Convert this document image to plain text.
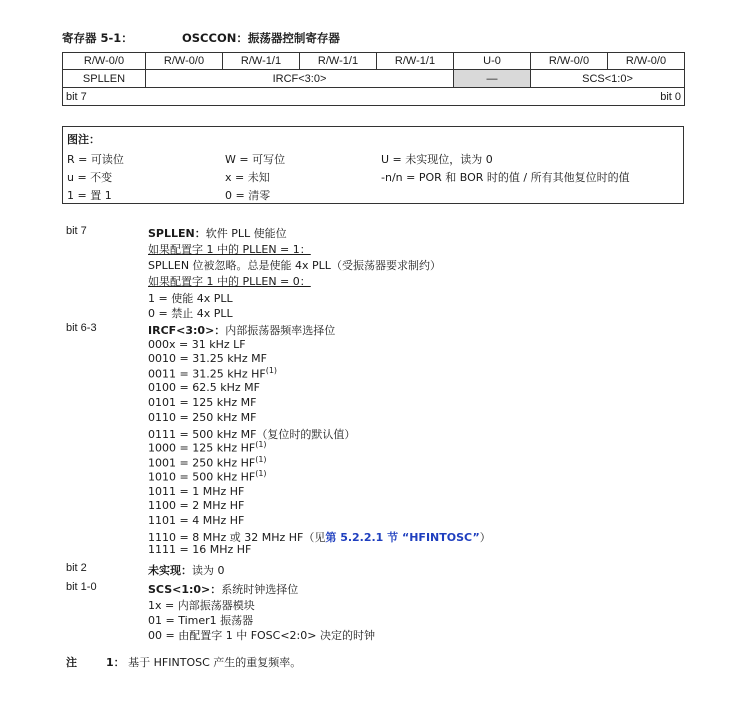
寄存器 5-1：	OSCCON：振荡器控制寄存器
R/W-0/0	R/W-0/0	R/W-1/1	R/W-1/1	R/W-1/1	U-0	R/W-0/0	R/W-0/0
SPLLEN	IRCF<3:0>				—	SCS<1:0>	
bit 7 bit 0							
图注：
R = 可读位	W = 可写位	U = 未实现位，读为 0
u = 不变	x = 未知	-n/n = POR 和 BOR 时的值 / 所有其他复位时的值
1 = 置 1	0 = 清零
bit 7	SPLLEN：软件 PLL 使能位
如果配置字 1 中的 PLLEN = 1：
SPLLEN 位被忽略。总是使能 4x PLL（受振荡器要求制约）
如果配置字 1 中的 PLLEN = 0：
1 = 使能 4x PLL
0 = 禁止 4x PLL
bit 6-3	IRCF<3:0>：内部振荡器频率选择位
000x = 31 kHz LF
0010 = 31.25 kHz MF
0011 = 31.25 kHz HF$^{(1)}$
0100 = 62.5 kHz MF
0101 = 125 kHz MF
0110 = 250 kHz MF
0111 = 500 kHz MF（复位时的默认值）
1000 = 125 kHz HF$^{(1)}$
1001 = 250 kHz HF$^{(1)}$
1010 = 500 kHz HF$^{(1)}$
1011 = 1 MHz HF
1100 = 2 MHz HF
1101 = 4 MHz HF
1110 = 8 MHz 或 32 MHz HF（见第 5.2.2.1 节 “HFINTOSC”）
1111 = 16 MHz HF
bit 2	未实现：读为 0
bit 1-0	SCS<1:0>：系统时钟选择位
1x = 内部振荡器模块
01 = Timer1 振荡器
00 = 由配置字 1 中 FOSC<2:0> 决定的时钟
注	1： 基于 HFINTOSC 产生的重复频率。
